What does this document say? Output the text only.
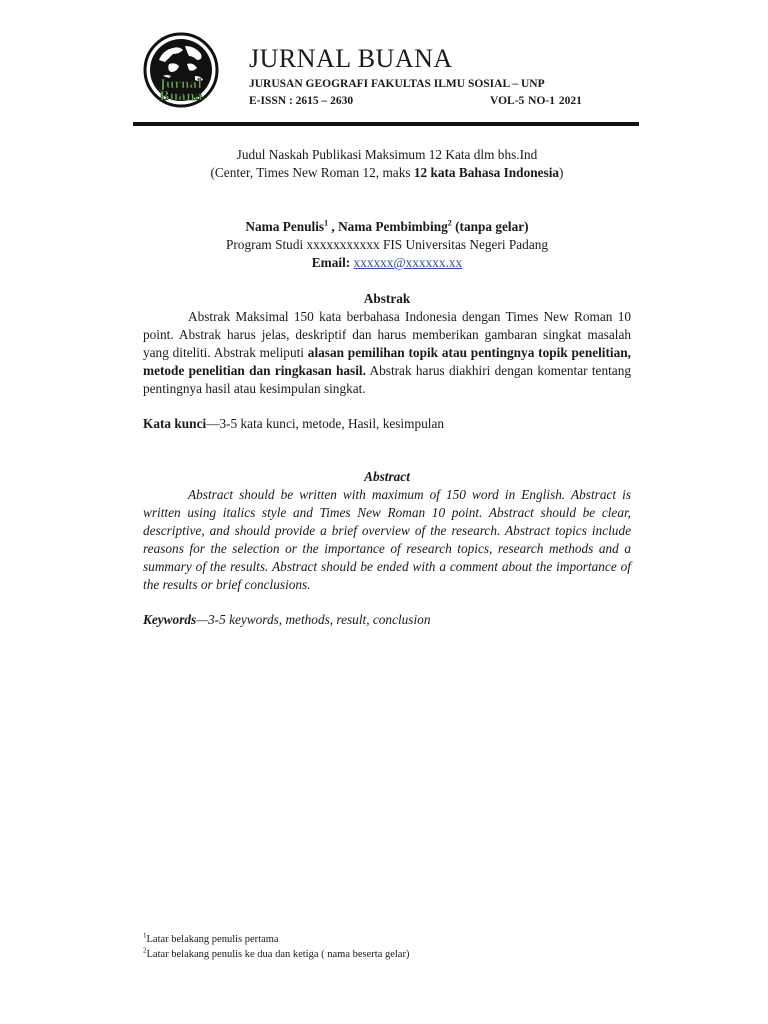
Jurnal
Buana
JURNAL BUANA
JURUSAN GEOGRAFI FAKULTAS ILMU SOSIAL – UNP
E-ISSN : 2615 – 2630	VOL-5 NO-1 2021
Judul Naskah Publikasi Maksimum 12 Kata dlm bhs.Ind
(Center, Times New Roman 12, maks 12 kata Bahasa Indonesia)
Nama Penulis$^1$ , Nama Pembimbing$^2$ (tanpa gelar)
Program Studi xxxxxxxxxxx FIS Universitas Negeri Padang
Email: xxxxxx@xxxxxx.xx
Abstrak
Abstrak Maksimal 150 kata berbahasa Indonesia dengan Times New Roman 10 point. Abstrak harus jelas, deskriptif dan harus memberikan gambaran singkat masalah yang diteliti. Abstrak meliputi alasan pemilihan topik atau pentingnya topik penelitian, metode penelitian dan ringkasan hasil. Abstrak harus diakhiri dengan komentar tentang pentingnya hasil atau kesimpulan singkat.
Kata kunci—3-5 kata kunci, metode, Hasil, kesimpulan
Abstract
Abstract should be written with maximum of 150 word in English. Abstract is written using italics style and Times New Roman 10 point. Abstract should be clear, descriptive, and should provide a brief overview of the research. Abstract topics include reasons for the selection or the importance of research topics, research methods and a summary of the results. Abstract should be ended with a comment about the importance of the results or brief conclusions.
Keywords—3-5 keywords, methods, result, conclusion
$^1$Latar belakang penulis pertama
$^2$Latar belakang penulis ke dua dan ketiga ( nama beserta gelar)
